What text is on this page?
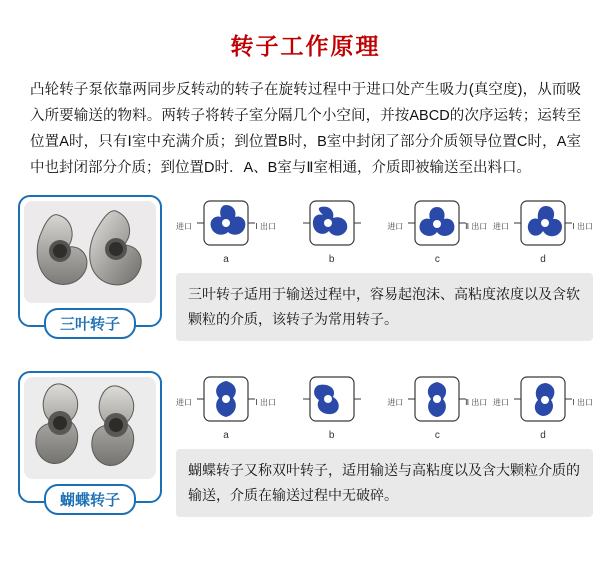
转子工作原理
凸轮转子泵依靠两同步反转动的转子在旋转过程中于进口处产生吸力(真空度)，从而吸入所要输送的物料。两转子将转子室分隔几个小空间，并按ABCD的次序运转；运转至位置A时，只有Ⅰ室中充满介质；到位置B时，B室中封闭了部分介质领导位置C时，A室中也封闭部分介质；到位置D时．A、B室与Ⅱ室相通，介质即被输送至出料口。
三叶转子
进口	Ⅰ 出口
a	b
进口	Ⅱ 出口
c
进口	Ⅰ 出口
d
三叶转子适用于输送过程中，容易起泡沫、高粘度浓度以及含软颗粒的介质，该转子为常用转子。
蝴蝶转子
进口	Ⅰ 出口
a	b
进口	Ⅱ 出口
c
进口	Ⅰ 出口
d
蝴蝶转子又称双叶转子，适用输送与高粘度以及含大颗粒介质的输送，介质在输送过程中无破碎。
